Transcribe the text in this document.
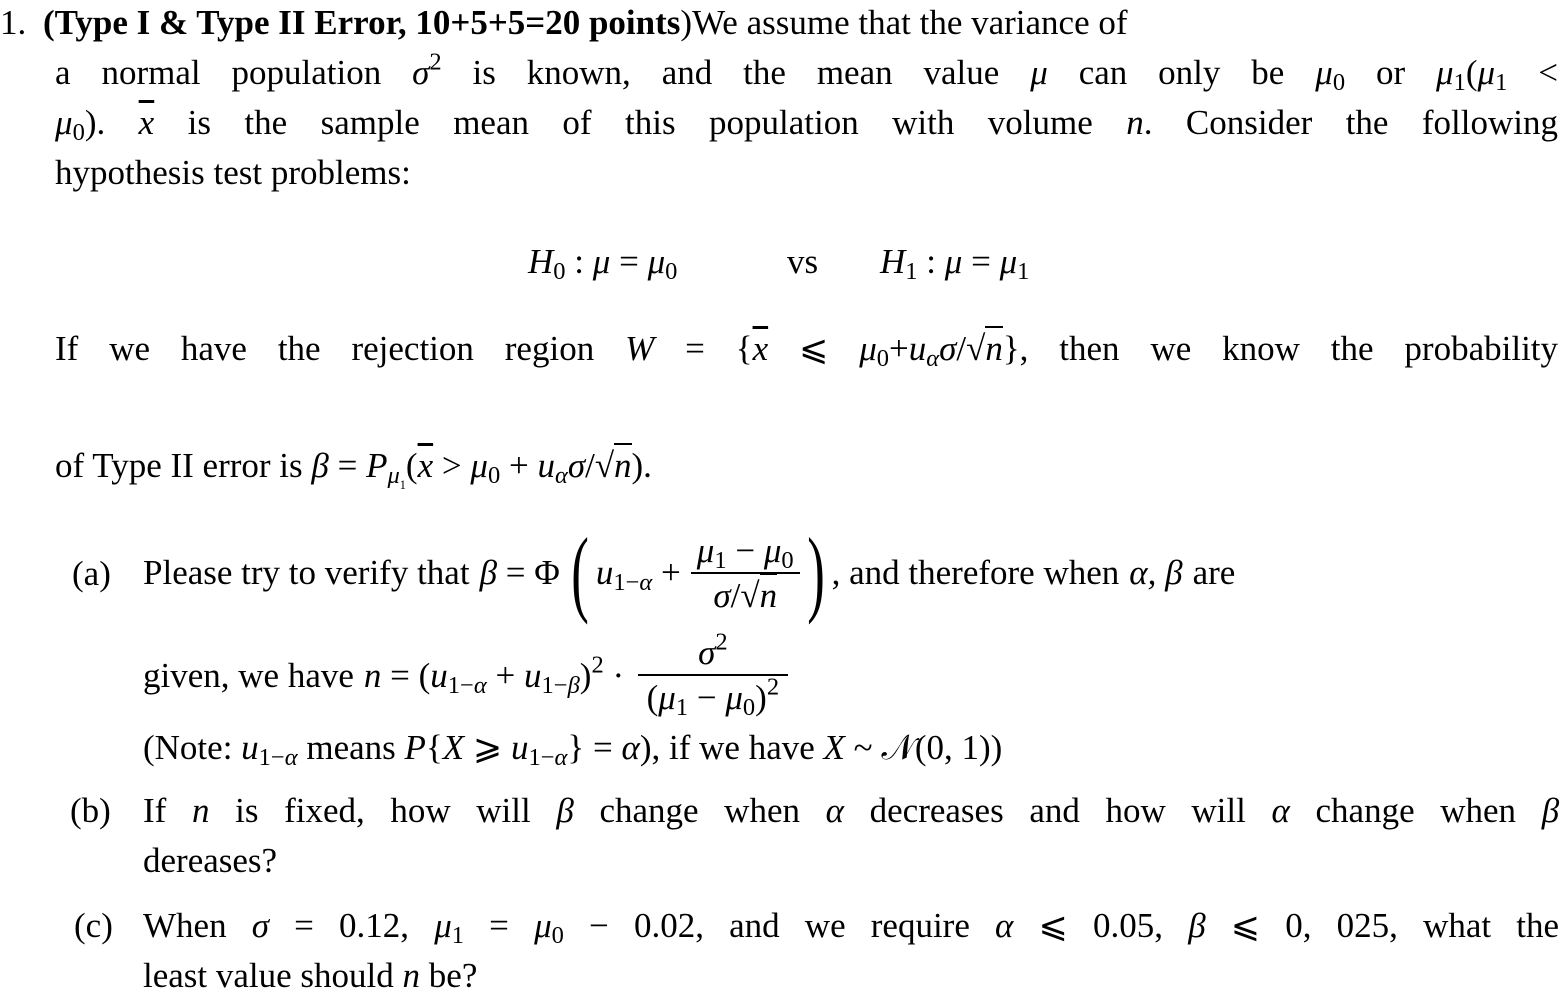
1. (Type I & Type II Error, 10+5+5=20 points)We assume that the variance of
a normal population $\sigma^2$ is known, and the mean value μ can only be $\mu_0$ or $\mu_1(\mu_1$ <
$\mu_0$). $\overline{x}$ is the sample mean of this population with volume n. Consider the following
hypothesis test problems:
$H_0$ : $\mu = \mu_0$	vs $H_1$ : $\mu = \mu_1$
If we have the rejection region $W = \{\overline{x}$ ⩽ $\mu_0+u_\alpha\sigma/√n$}, then we know the probability
of Type II error is $\beta = P_{\mu_1}(\overline{x} > \mu_0 + u_\alpha\sigma/√n)$.
(a) Please try to verify that β = Φ ( $u_{1-\alpha} + \frac{\mu_1 - \mu_0}{\sigma/√n}$ ) , and therefore when α, β are
given, we have $n = (u_{1-\alpha} + u_{1-\beta})^2 \cdot \frac{\sigma^2}{(\mu_1 - \mu_0)^2}$
(Note: $u_{1-\alpha}$ means P{X ⩾ $u_{1-\alpha}\} = \alpha$), if we have X ~ 𝒩(0, 1))
(b) If n is fixed, how will β change when α decreases and how will α change when β
dereases?
(c) When σ = 0.12, $\mu_1 = \mu_0 - 0.02$, and we require α ⩽ 0.05, β ⩽ 0, 025, what the
least value should n be?
